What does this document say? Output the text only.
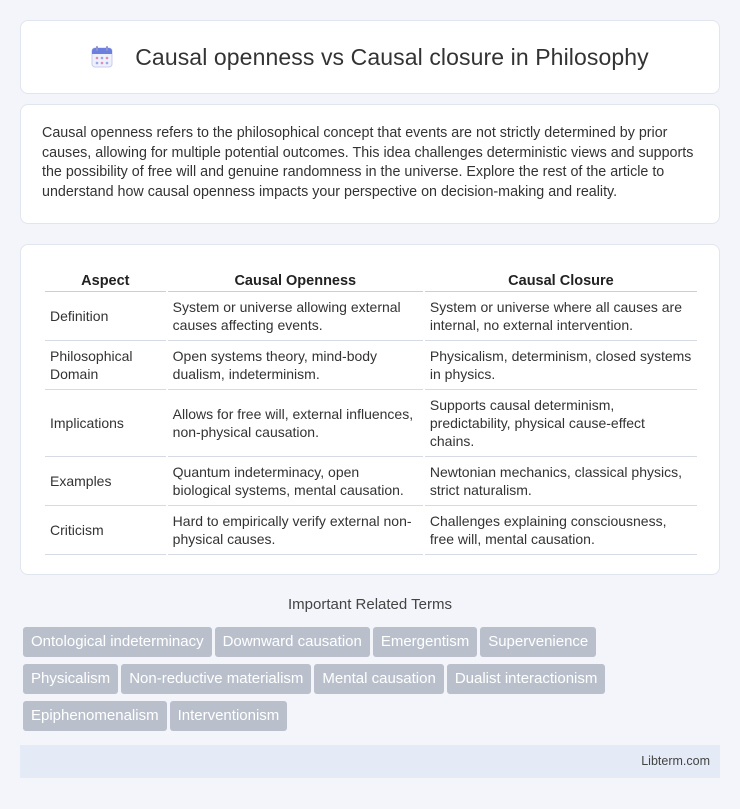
Causal openness vs Causal closure in Philosophy

Causal openness refers to the philosophical concept that events are not strictly determined by prior causes, allowing for multiple potential outcomes. This idea challenges deterministic views and supports the possibility of free will and genuine randomness in the universe. Explore the rest of the article to understand how causal openness impacts your perspective on decision-making and reality.

Aspect	Causal Openness	Causal Closure
Definition	System or universe allowing external causes affecting events.	System or universe where all causes are internal, no external intervention.
Philosophical Domain	Open systems theory, mind-body dualism, indeterminism.	Physicalism, determinism, closed systems in physics.
Implications	Allows for free will, external influences, non-physical causation.	Supports causal determinism, predictability, physical cause-effect chains.
Examples	Quantum indeterminacy, open biological systems, mental causation.	Newtonian mechanics, classical physics, strict naturalism.
Criticism	Hard to empirically verify external non-physical causes.	Challenges explaining consciousness, free will, mental causation.
Important Related Terms
Ontological indeterminacy Downward causation Emergentism Supervenience
Physicalism Non-reductive materialism Mental causation Dualist interactionism
Epiphenomenalism Interventionism
Libterm.com
